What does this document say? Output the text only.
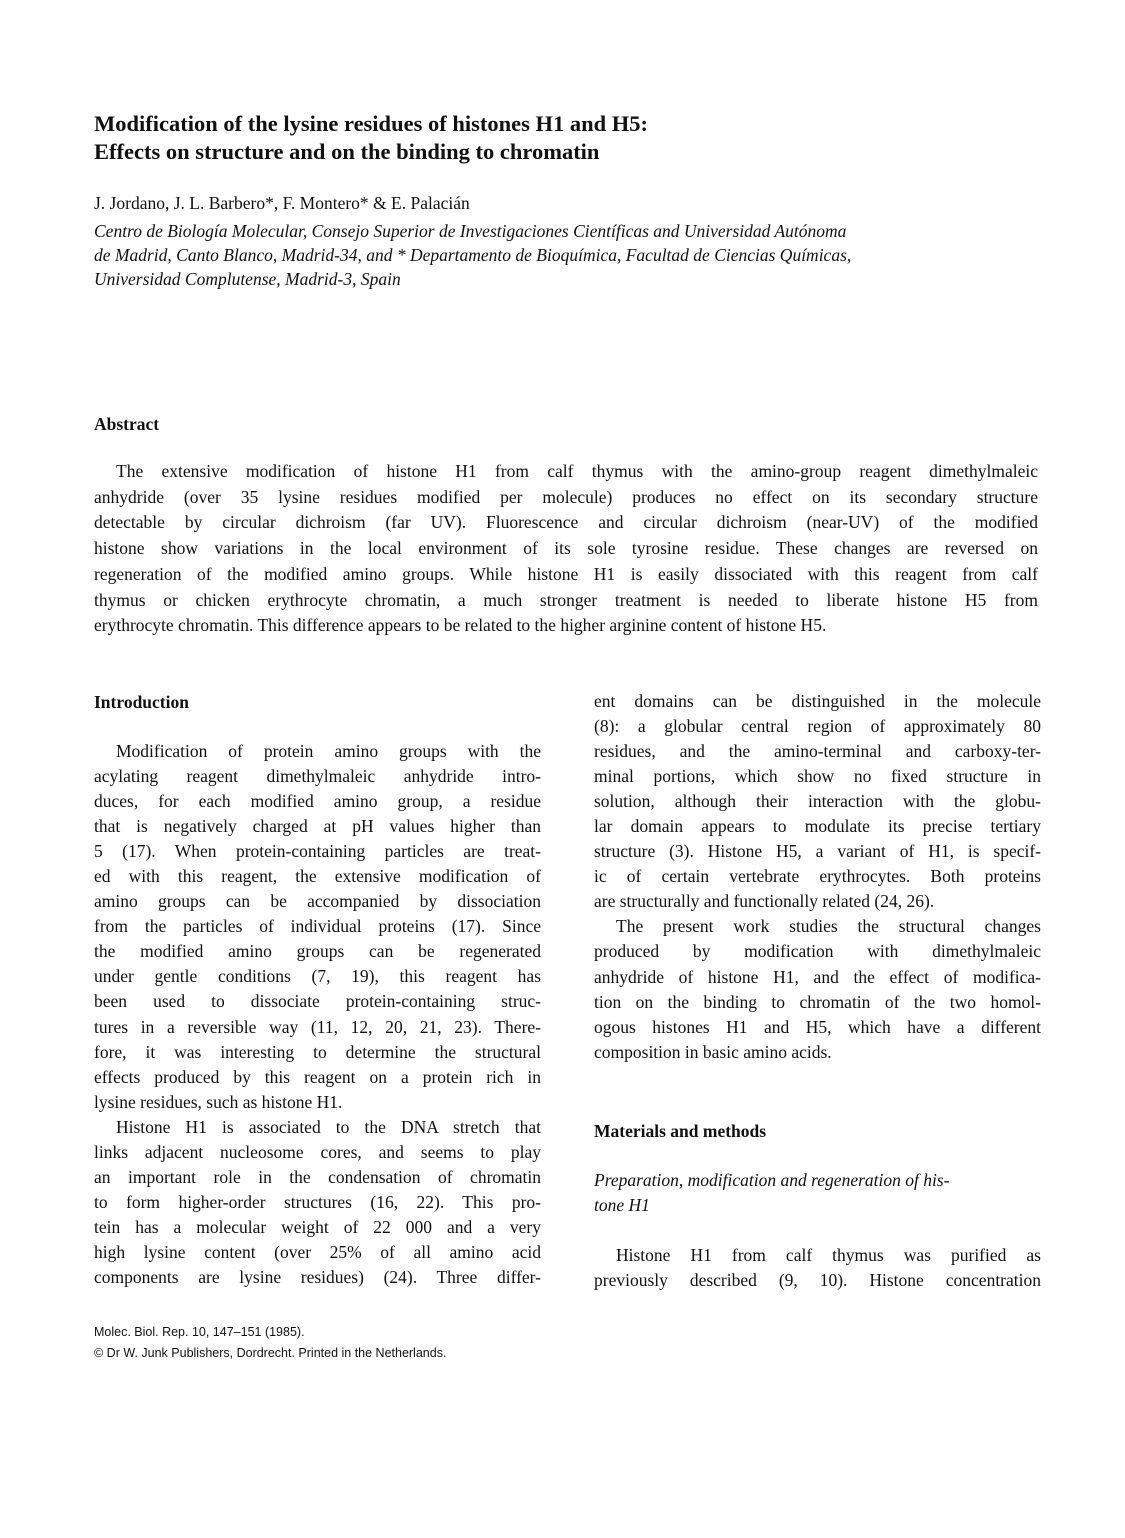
Modification of the lysine residues of histones H1 and H5:
Effects on structure and on the binding to chromatin

J. Jordano, J. L. Barbero*, F. Montero* & E. Palacián

Centro de Biología Molecular, Consejo Superior de Investigaciones Científicas and Universidad Autónoma
de Madrid, Canto Blanco, Madrid-34, and * Departamento de Bioquímica, Facultad de Ciencias Químicas,
Universidad Complutense, Madrid-3, Spain

Abstract

The extensive modification of histone H1 from calf thymus with the amino-group reagent dimethylmaleic
anhydride (over 35 lysine residues modified per molecule) produces no effect on its secondary structure
detectable by circular dichroism (far UV). Fluorescence and circular dichroism (near-UV) of the modified
histone show variations in the local environment of its sole tyrosine residue. These changes are reversed on
regeneration of the modified amino groups. While histone H1 is easily dissociated with this reagent from calf
thymus or chicken erythrocyte chromatin, a much stronger treatment is needed to liberate histone H5 from
erythrocyte chromatin. This difference appears to be related to the higher arginine content of histone H5.

Introduction
Modification of protein amino groups with the
acylating reagent dimethylmaleic anhydride intro-
duces, for each modified amino group, a residue
that is negatively charged at pH values higher than
5 (17). When protein-containing particles are treat-
ed with this reagent, the extensive modification of
amino groups can be accompanied by dissociation
from the particles of individual proteins (17). Since
the modified amino groups can be regenerated
under gentle conditions (7, 19), this reagent has
been used to dissociate protein-containing struc-
tures in a reversible way (11, 12, 20, 21, 23). There-
fore, it was interesting to determine the structural
effects produced by this reagent on a protein rich in
lysine residues, such as histone H1.
Histone H1 is associated to the DNA stretch that
links adjacent nucleosome cores, and seems to play
an important role in the condensation of chromatin
to form higher-order structures (16, 22). This pro-
tein has a molecular weight of 22 000 and a very
high lysine content (over 25% of all amino acid
components are lysine residues) (24). Three differ-
ent domains can be distinguished in the molecule
(8): a globular central region of approximately 80
residues, and the amino-terminal and carboxy-ter-
minal portions, which show no fixed structure in
solution, although their interaction with the globu-
lar domain appears to modulate its precise tertiary
structure (3). Histone H5, a variant of H1, is specif-
ic of certain vertebrate erythrocytes. Both proteins
are structurally and functionally related (24, 26).
The present work studies the structural changes
produced by modification with dimethylmaleic
anhydride of histone H1, and the effect of modifica-
tion on the binding to chromatin of the two homol-
ogous histones H1 and H5, which have a different
composition in basic amino acids.
Materials and methods

Preparation, modification and regeneration of his-
tone H1

Histone H1 from calf thymus was purified as
previously described (9, 10). Histone concentration
Molec. Biol. Rep. 10, 147–151 (1985).
© Dr W. Junk Publishers, Dordrecht. Printed in the Netherlands.
